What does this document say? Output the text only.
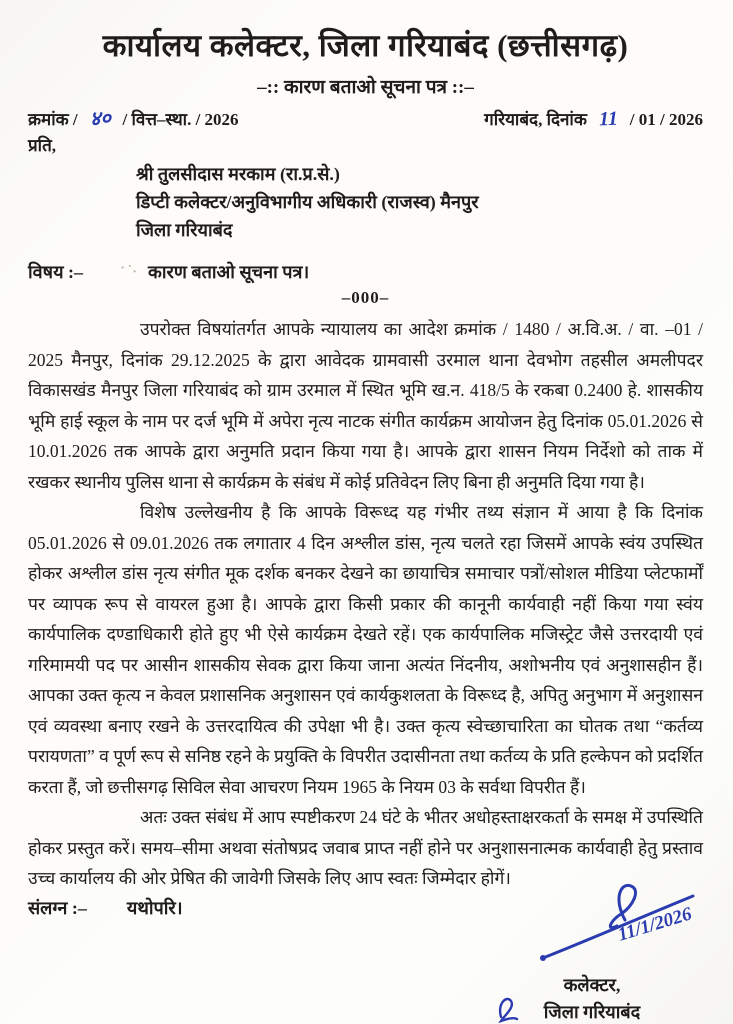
कार्यालय कलेक्टर, जिला गरियाबंद (छत्तीसगढ़)
–:: कारण बताओ सूचना पत्र ::–
क्रमांक / ४० / वित्त–स्था. / 2026	गरियाबंद, दिनांक 11 / 01 / 2026
प्रति,
श्री तुलसीदास मरकाम (रा.प्र.से.)
डिप्टी कलेक्टर/अनुविभागीय अधिकारी (राजस्व) मैनपुर
जिला गरियाबंद
विषय :–	·˙· कारण बताओ सूचना पत्र।
–000–

उपरोक्त विषयांतर्गत आपके न्यायालय का आदेश क्रमांक / 1480 / अ.वि.अ. / वा. –01 / 2025 मैनपुर, दिनांक 29.12.2025 के द्वारा आवेदक ग्रामवासी उरमाल थाना देवभोग तहसील अमलीपदर विकासखंड मैनपुर जिला गरियाबंद को ग्राम उरमाल में स्थित भूमि ख.न. 418/5 के रकबा 0.2400 हे. शासकीय भूमि हाई स्कूल के नाम पर दर्ज भूमि में अपेरा नृत्य नाटक संगीत कार्यक्रम आयोजन हेतु दिनांक 05.01.2026 से 10.01.2026 तक आपके द्वारा अनुमति प्रदान किया गया है। आपके द्वारा शासन नियम निर्देशो को ताक में रखकर स्थानीय पुलिस थाना से कार्यक्रम के संबंध में कोई प्रतिवेदन लिए बिना ही अनुमति दिया गया है।

विशेष उल्लेखनीय है कि आपके विरूध्द यह गंभीर तथ्य संज्ञान में आया है कि दिनांक 05.01.2026 से 09.01.2026 तक लगातार 4 दिन अश्लील डांस, नृत्य चलते रहा जिसमें आपके स्वंय उपस्थित होकर अश्लील डांस नृत्य संगीत मूक दर्शक बनकर देखने का छायाचित्र समाचार पत्रों/सोशल मीडिया प्लेटफार्मों पर व्यापक रूप से वायरल हुआ है। आपके द्वारा किसी प्रकार की कानूनी कार्यवाही नहीं किया गया स्वंय कार्यपालिक दण्डाधिकारी होते हुए भी ऐसे कार्यक्रम देखते रहें। एक कार्यपालिक मजिस्ट्रेट जैसे उत्तरदायी एवं गरिमामयी पद पर आसीन शासकीय सेवक द्वारा किया जाना अत्यंत निंदनीय, अशोभनीय एवं अनुशासहीन हैं। आपका उक्त कृत्य न केवल प्रशासनिक अनुशासन एवं कार्यकुशलता के विरूध्द है, अपितु अनुभाग में अनुशासन एवं व्यवस्था बनाए रखने के उत्तरदायित्व की उपेक्षा भी है। उक्त कृत्य स्वेच्छाचारिता का घोतक तथा “कर्तव्य परायणता” व पूर्ण रूप से सनिष्ठ रहने के प्रयुक्ति के विपरीत उदासीनता तथा कर्तव्य के प्रति हल्केपन को प्रदर्शित करता हैं, जो छत्तीसगढ़ सिविल सेवा आचरण नियम 1965 के नियम 03 के सर्वथा विपरीत हैं।

अतः उक्त संबंध में आप स्पष्टीकरण 24 घंटे के भीतर अधोहस्ताक्षरकर्ता के समक्ष में उपस्थिति होकर प्रस्तुत करें। समय–सीमा अथवा संतोषप्रद जवाब प्राप्त नहीं होने पर अनुशासनात्मक कार्यवाही हेतु प्रस्ताव उच्च कार्यालय की ओर प्रेषित की जावेगी जिसके लिए आप स्वतः जिम्मेदार होगें।

संलग्न :– यथोपरि।	11/1/2026
कलेक्टर,
जिला गरियाबंद
